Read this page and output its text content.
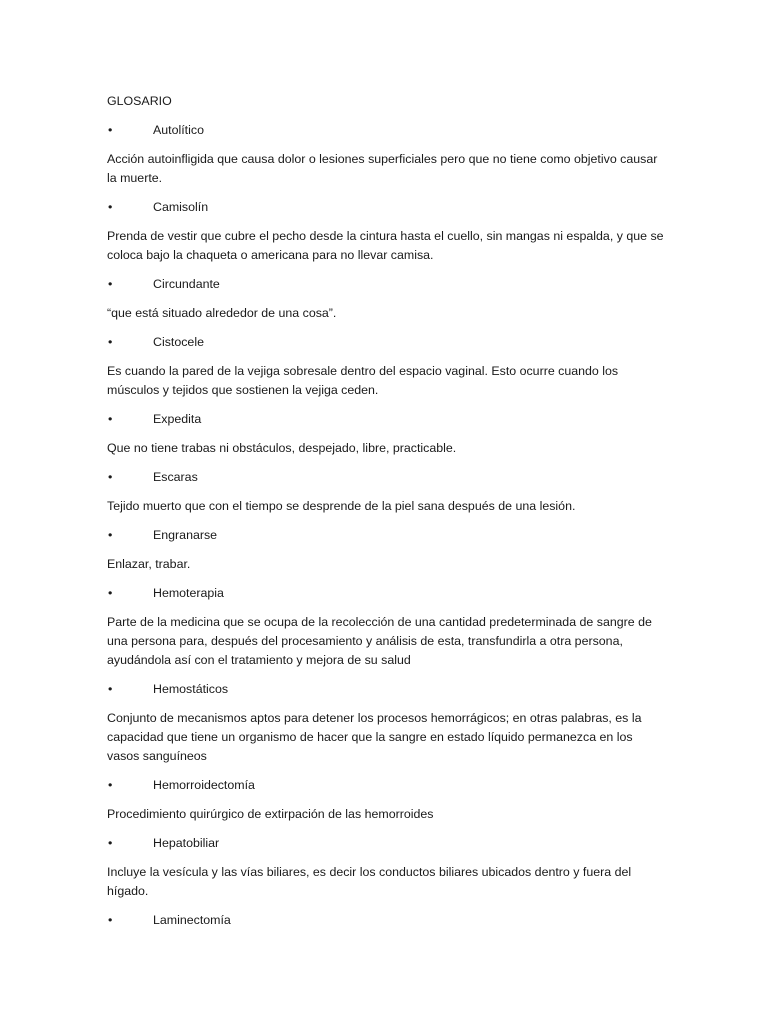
GLOSARIO
•	Autolítico
Acción autoinfligida que causa dolor o lesiones superficiales pero que no tiene como objetivo causar la muerte.
•	Camisolín
Prenda de vestir que cubre el pecho desde la cintura hasta el cuello, sin mangas ni espalda, y que se coloca bajo la chaqueta o americana para no llevar camisa.
•	Circundante
“que está situado alrededor de una cosa”.
•	Cistocele
Es cuando la pared de la vejiga sobresale dentro del espacio vaginal. Esto ocurre cuando los músculos y tejidos que sostienen la vejiga ceden.
•	Expedita
Que no tiene trabas ni obstáculos, despejado, libre, practicable.
•	Escaras
Tejido muerto que con el tiempo se desprende de la piel sana después de una lesión.
•	Engranarse
Enlazar, trabar.
•	Hemoterapia
Parte de la medicina que se ocupa de la recolección de una cantidad predeterminada de sangre de una persona para, después del procesamiento y análisis de esta, transfundirla a otra persona, ayudándola así con el tratamiento y mejora de su salud
•	Hemostáticos
Conjunto de mecanismos aptos para detener los procesos hemorrágicos; en otras palabras, es la capacidad que tiene un organismo de hacer que la sangre en estado líquido permanezca en los vasos sanguíneos
•	Hemorroidectomía
Procedimiento quirúrgico de extirpación de las hemorroides
•	Hepatobiliar
Incluye la vesícula y las vías biliares, es decir los conductos biliares ubicados dentro y fuera del hígado.
•	Laminectomía
